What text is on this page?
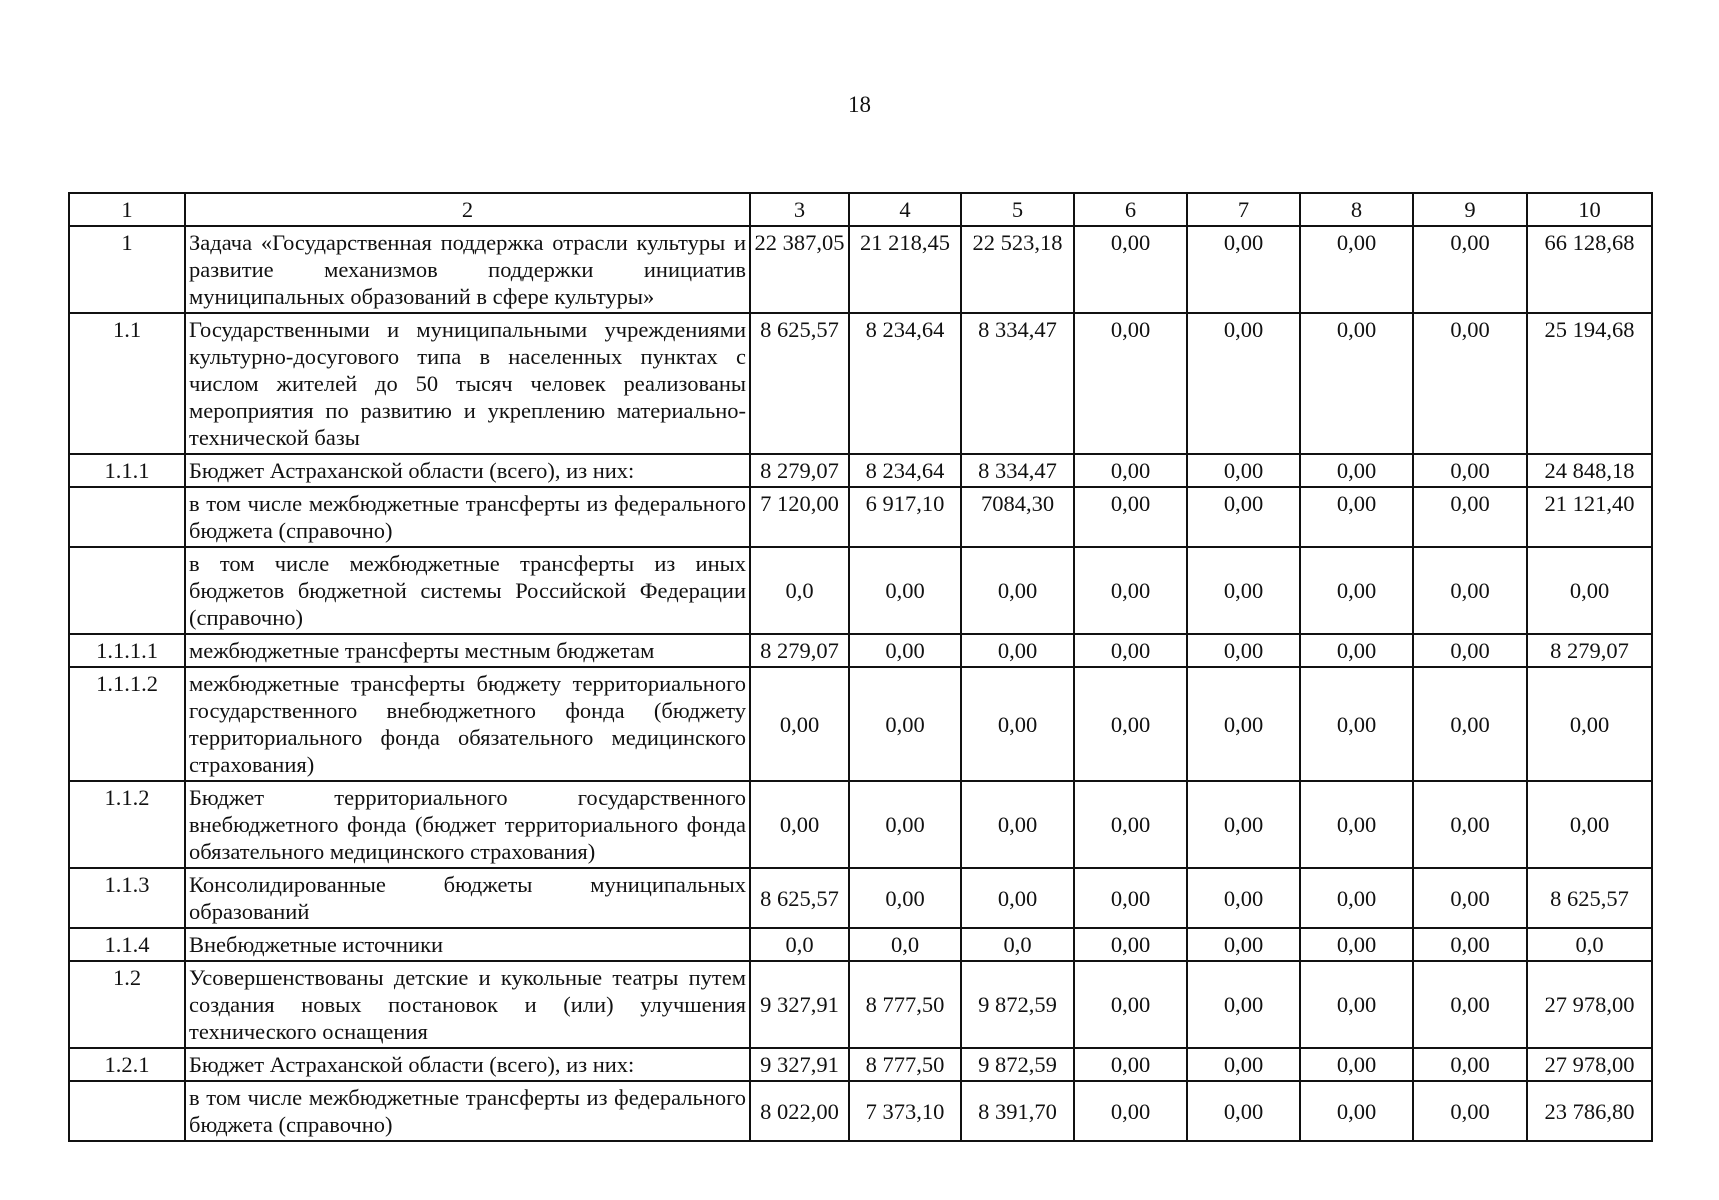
18
1	2	3	4	5	6	7	8	9	10
1	Задача «Государственная поддержка отрасли культуры и развитие механизмов поддержки инициатив муниципальных образований в сфере культуры»	22 387,05	21 218,45	22 523,18	0,00	0,00	0,00	0,00	66 128,68
1.1	Государственными и муниципальными учреждениями культурно-досугового типа в населенных пунктах с числом жителей до 50 тысяч человек реализованы мероприятия по развитию и укреплению материально-технической базы	8 625,57	8 234,64	8 334,47	0,00	0,00	0,00	0,00	25 194,68
1.1.1	Бюджет Астраханской области (всего), из них:	8 279,07	8 234,64	8 334,47	0,00	0,00	0,00	0,00	24 848,18
	в том числе межбюджетные трансферты из федерального бюджета (справочно)	7 120,00	6 917,10	7084,30	0,00	0,00	0,00	0,00	21 121,40
	в том числе межбюджетные трансферты из иных бюджетов бюджетной системы Российской Федерации (справочно)	0,0	0,00	0,00	0,00	0,00	0,00	0,00	0,00
1.1.1.1	межбюджетные трансферты местным бюджетам	8 279,07	0,00	0,00	0,00	0,00	0,00	0,00	8 279,07
1.1.1.2	межбюджетные трансферты бюджету территориального государственного внебюджетного фонда (бюджету территориального фонда обязательного медицинского страхования)	0,00	0,00	0,00	0,00	0,00	0,00	0,00	0,00
1.1.2	Бюджет территориального государственного внебюджетного фонда (бюджет территориального фонда обязательного медицинского страхования)	0,00	0,00	0,00	0,00	0,00	0,00	0,00	0,00
1.1.3	Консолидированные бюджеты муниципальных образований	8 625,57	0,00	0,00	0,00	0,00	0,00	0,00	8 625,57
1.1.4	Внебюджетные источники	0,0	0,0	0,0	0,00	0,00	0,00	0,00	0,0
1.2	Усовершенствованы детские и кукольные театры путем создания новых постановок и (или) улучшения технического оснащения	9 327,91	8 777,50	9 872,59	0,00	0,00	0,00	0,00	27 978,00
1.2.1	Бюджет Астраханской области (всего), из них:	9 327,91	8 777,50	9 872,59	0,00	0,00	0,00	0,00	27 978,00
	в том числе межбюджетные трансферты из федерального бюджета (справочно)	8 022,00	7 373,10	8 391,70	0,00	0,00	0,00	0,00	23 786,80
